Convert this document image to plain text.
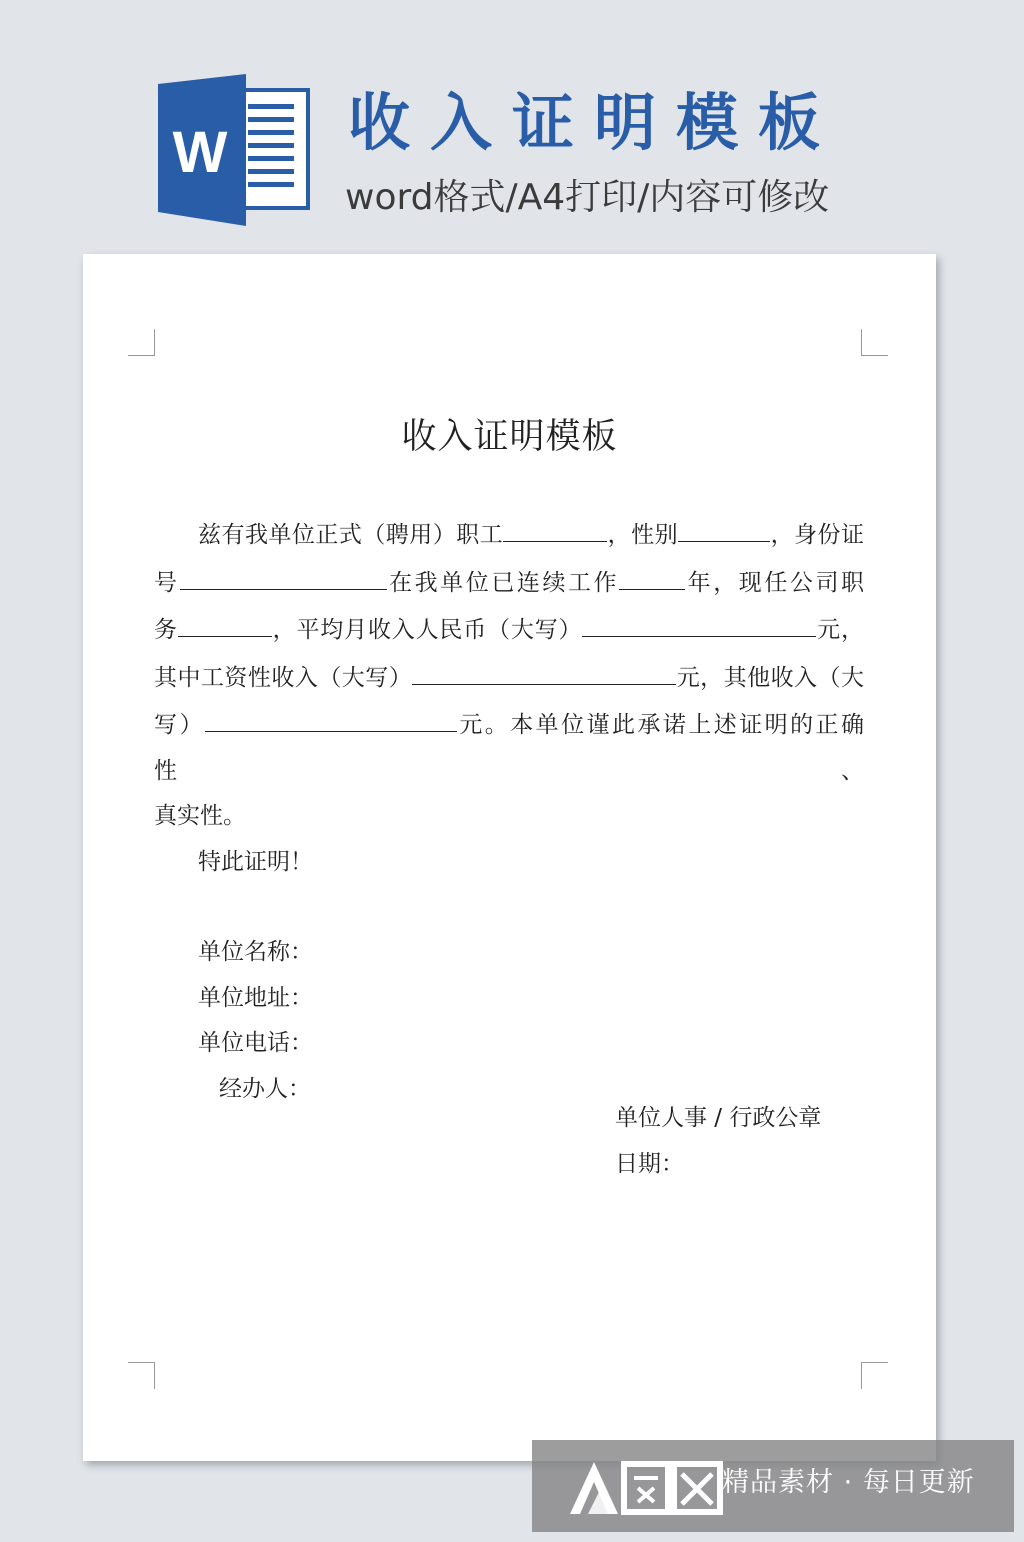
W 收入证明模板
word格式/A4打印/内容可修改
收入证明模板

兹有我单位正式（聘用）职工	，性别	，身份证

号	在我单位已连续工作	年，现任公司职

务	，平均月收入人民币（大写）	元，

其中工资性收入（大写）	元，其他收入（大

写）	元。本单位谨此承诺上述证明的正确性、

真实性。

特此证明！

单位名称：

单位地址：

单位电话：

经办人：

单位人事 / 行政公章
日期：
精品素材 · 每日更新
